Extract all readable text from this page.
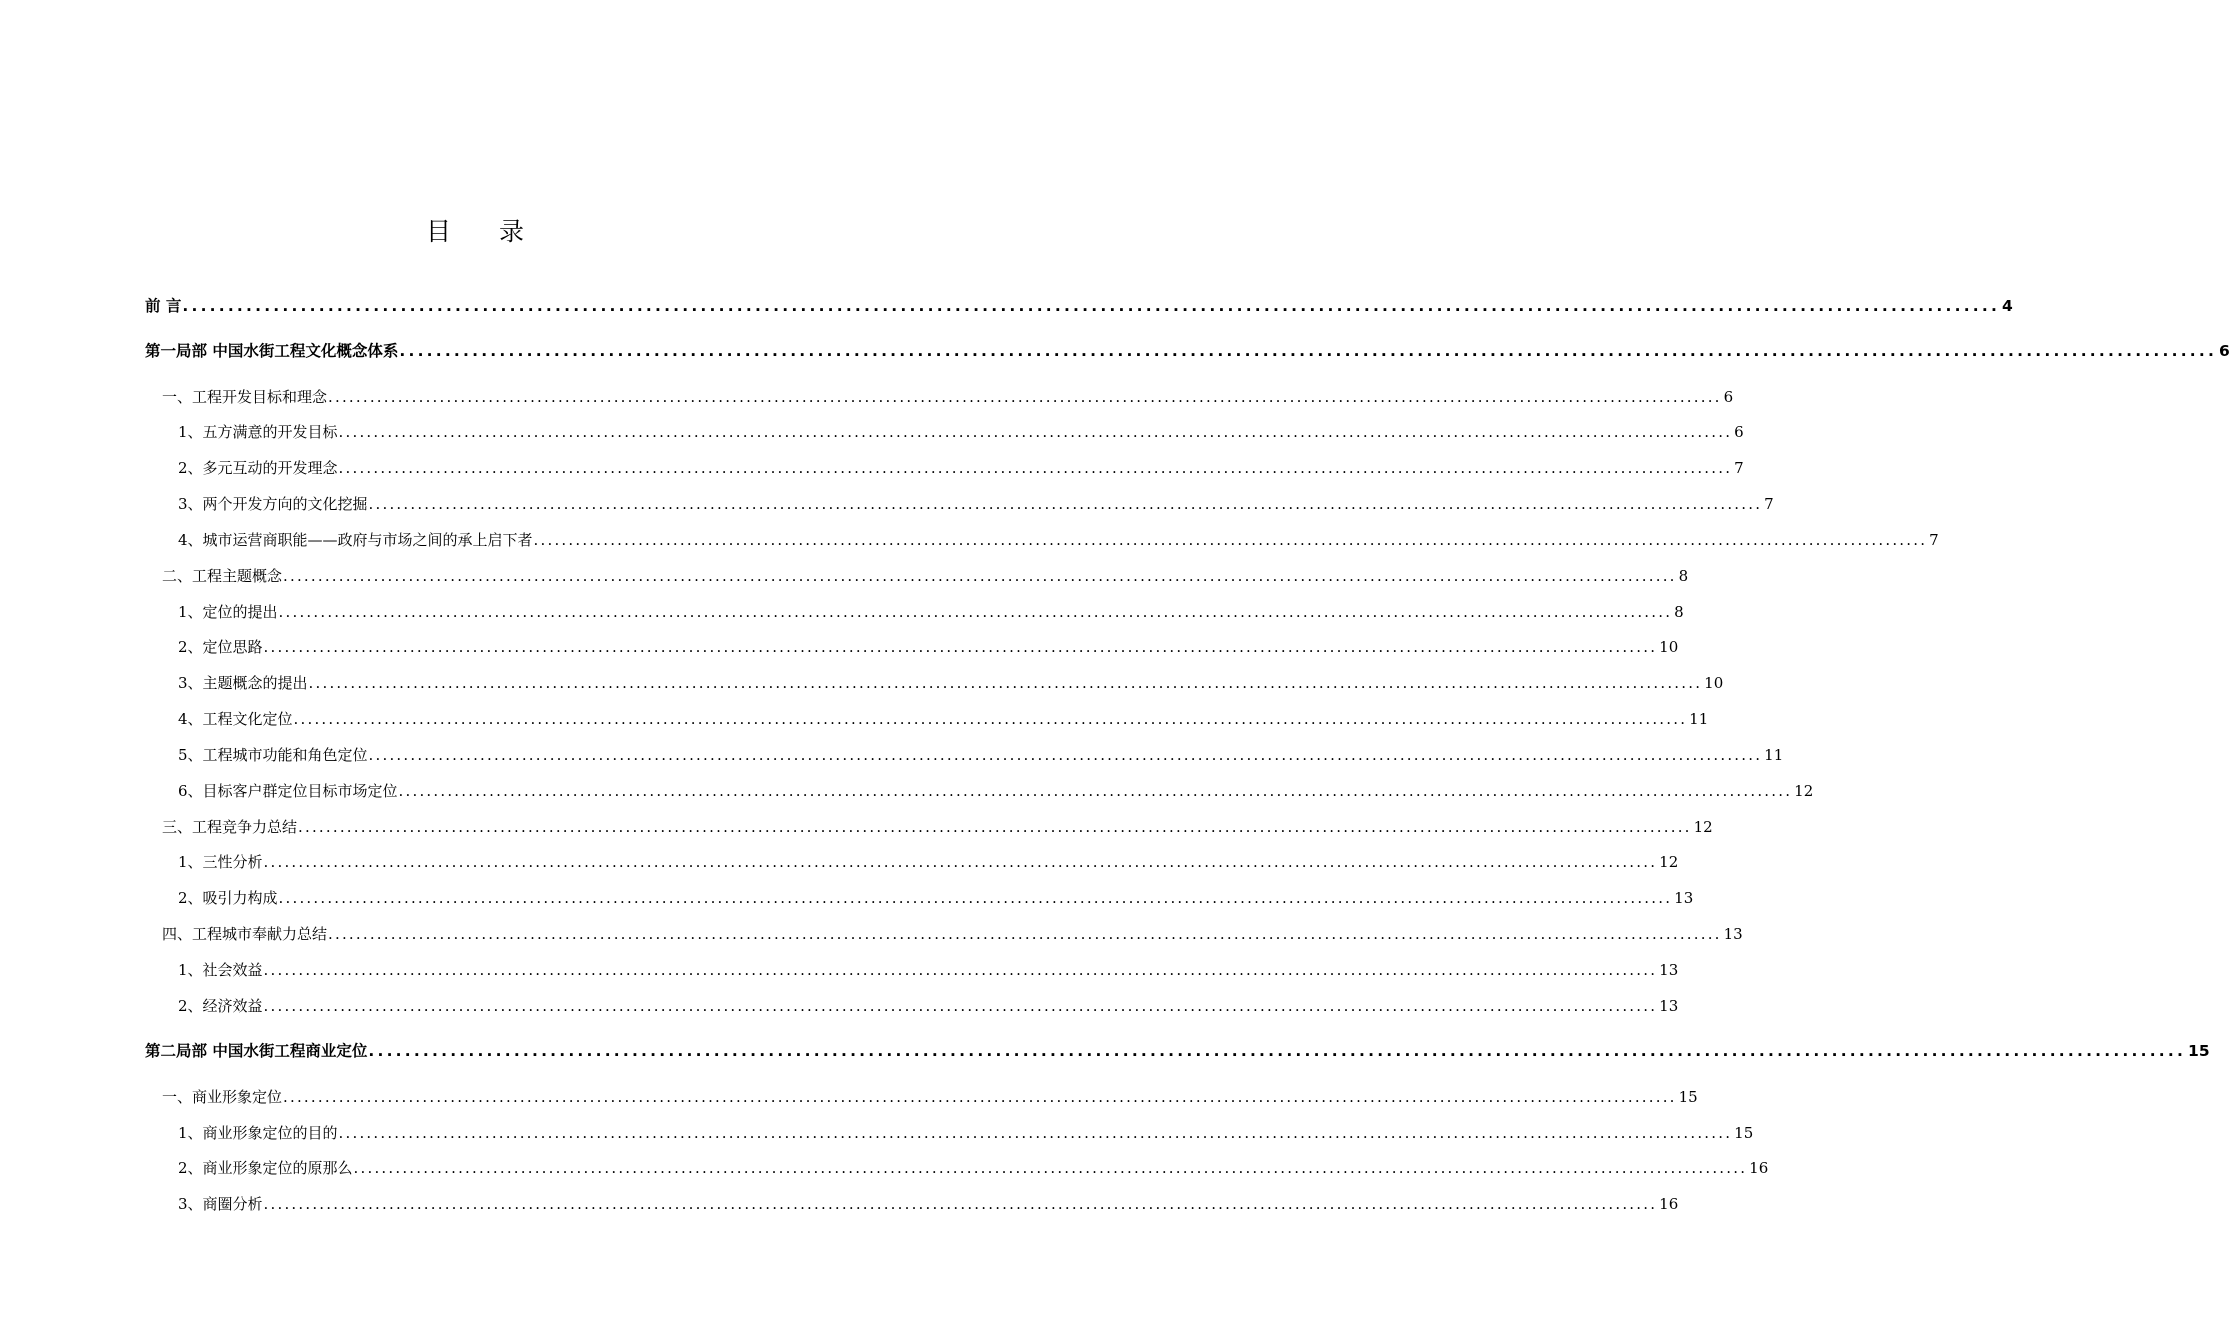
目 录
前 言 ........................................................................................................................................................................................................ 4
第一局部 中国水街工程文化概念体系 ........................................................................................................................................................................................................ 6
一、工程开发目标和理念 ........................................................................................................................................................................................................ 6
1、五方满意的开发目标 ........................................................................................................................................................................................................ 6
2、多元互动的开发理念 ........................................................................................................................................................................................................ 7
3、两个开发方向的文化挖掘 ........................................................................................................................................................................................................ 7
4、城市运营商职能——政府与市场之间的承上启下者 ........................................................................................................................................................................................................ 7
二、工程主题概念 ........................................................................................................................................................................................................ 8
1、定位的提出 ........................................................................................................................................................................................................ 8
2、定位思路 ........................................................................................................................................................................................................ 10
3、主题概念的提出 ........................................................................................................................................................................................................ 10
4、工程文化定位 ........................................................................................................................................................................................................ 11
5、工程城市功能和角色定位 ........................................................................................................................................................................................................ 11
6、目标客户群定位目标市场定位 ........................................................................................................................................................................................................ 12
三、工程竞争力总结 ........................................................................................................................................................................................................ 12
1、三性分析 ........................................................................................................................................................................................................ 12
2、吸引力构成 ........................................................................................................................................................................................................ 13
四、工程城市奉献力总结 ........................................................................................................................................................................................................ 13
1、社会效益 ........................................................................................................................................................................................................ 13
2、经济效益 ........................................................................................................................................................................................................ 13
第二局部 中国水街工程商业定位 ........................................................................................................................................................................................................ 15
一、商业形象定位 ........................................................................................................................................................................................................ 15
1、商业形象定位的目的 ........................................................................................................................................................................................................ 15
2、商业形象定位的原那么 ........................................................................................................................................................................................................ 16
3、商圈分析 ........................................................................................................................................................................................................ 16
